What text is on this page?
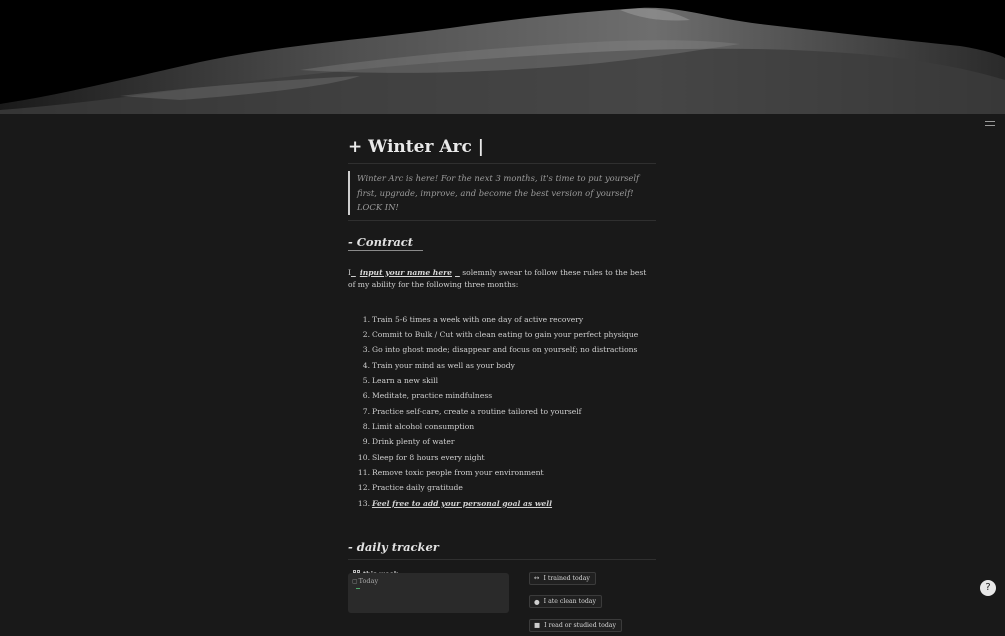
+ Winter Arc |
Winter Arc is here! For the next 3 months, it's time to put yourself first, upgrade, improve, and become the best version of yourself! LOCK IN!
- Contract
I input your name here solemnly swear to follow these rules to the best of my ability for the following three months:
1. Train 5-6 times a week with one day of active recovery
2. Commit to Bulk / Cut with clean eating to gain your perfect physique
3. Go into ghost mode; disappear and focus on yourself; no distractions
4. Train your mind as well as your body
5. Learn a new skill
6. Meditate, practice mindfulness
7. Practice self-care, create a routine tailored to yourself
8. Limit alcohol consumption
9. Drink plenty of water
10. Sleep for 8 hours every night
11. Remove toxic people from your environment
12. Practice daily gratitude
13. Feel free to add your personal goal as well
- daily tracker
▢ Today	↔ I trained today
● I ate clean today
■ I read or studied today
?
